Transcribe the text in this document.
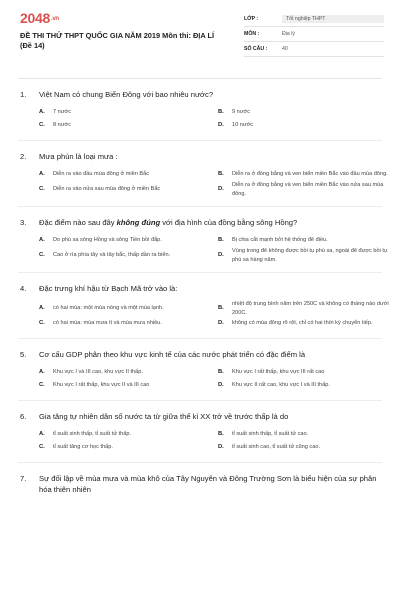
2048.vn
ĐỀ THI THỬ THPT QUỐC GIA NĂM 2019 Môn thi: ĐỊA LÍ
(Đề 14)
LỚP :	Tốt nghiệp THPT
MÔN :	Địa lý
SỐ CÂU :	40
1.	Việt Nam có chung Biển Đông với bao nhiêu nước?
A.	7 nước	B.	9 nước
C.	8 nước	D.	10 nước
2.	Mưa phùn là loại mưa :
A.	Diễn ra vào đầu mùa đông ở miền Bắc	B.	Diễn ra ở đồng bằng và ven biển miền Bắc vào đầu mùa đông.
C.	Diễn ra vào nửa sau mùa đông ở miền Bắc	D.
Diễn ra ở đồng bằng và ven biển miền Bắc vào nửa sau mùa đông.
3.	Đặc điểm nào sau đây không đúng với địa hình của đồng bằng sông Hồng?
A.	Do phù sa sông Hồng và sông Tiền bồi đắp.	B.	Bị chia cắt mạnh bởi hệ thống đê điều.
C.	Cao ở rìa phía tây và tây bắc, thấp dần ra biển.	D.
Vùng trong đê không được bồi tụ phù sa, ngoài đê được bồi tụ phù sa hàng năm.
4.	Đặc trưng khí hậu từ Bạch Mã trở vào là:
A.	có hai mùa: một mùa nóng và một mùa lạnh.	B.
nhiệt độ trung bình năm trên 250C và không có tháng nào dưới 200C.
C.	có hai mùa: mùa mưa ít và mùa mưa nhiều.	D.	không có mùa đông rõ rệt, chỉ có hai thời kỳ chuyển tiếp.
5.	Cơ cấu GDP phân theo khu vực kinh tế của các nước phát triển có đặc điểm là
A.	Khu vực I và III cao, khu vực II thấp.	B.	Khu vực I rất thấp, khu vực III rất cao
C.	Khu vực I rất thấp, khu vực II và III cao	D.	Khu vực II rất cao, khu vực I và III thấp.
6.	Gia tăng tự nhiên dân số nước ta từ giữa thế kỉ XX trở về trước thấp là do
A.	tỉ suất sinh thấp, tỉ suất tử thấp.	B.	tỉ suất sinh thấp, tỉ suất tử cao.
C.	tỉ suất tăng cơ học thấp.	D.	tỉ suất sinh cao, tỉ suất tử cũng cao.
7.	Sự đối lập về mùa mưa và mùa khô của Tây Nguyên và Đông Trường Sơn là biểu hiện của sự phân hóa thiên nhiên
